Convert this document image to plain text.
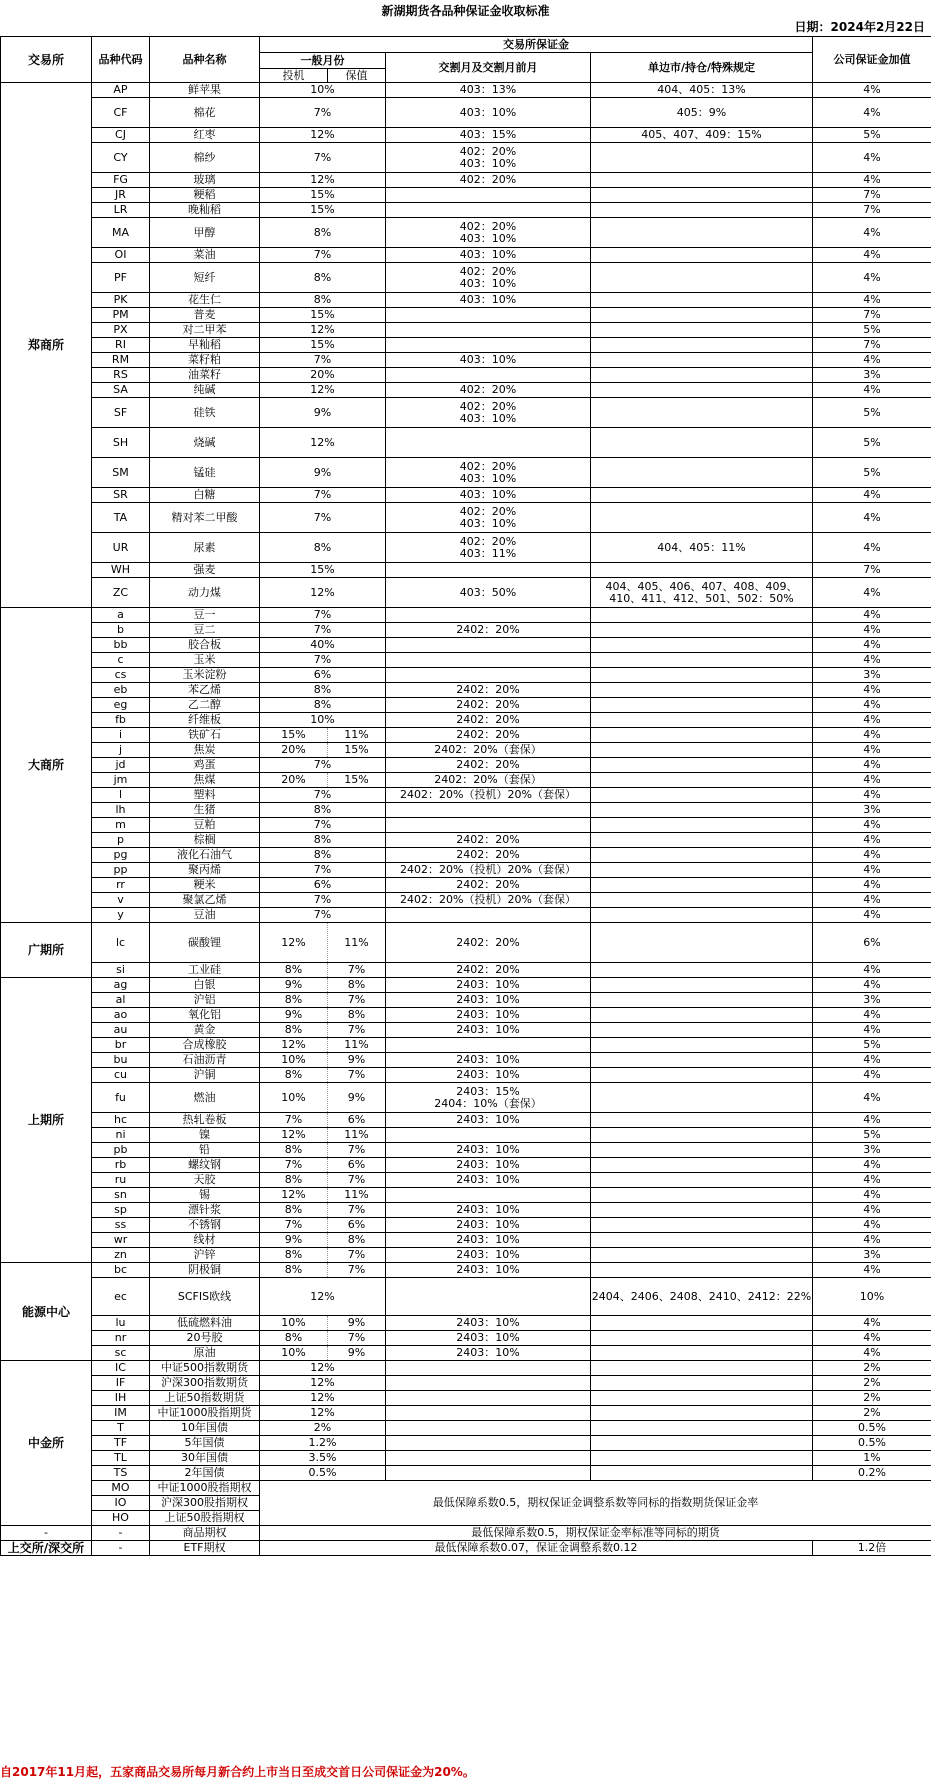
新湖期货各品种保证金收取标准
日期：2024年2月22日
交易所	品种代码	品种名称	交易所保证金				公司保证金加值
			一般月份		交割月及交割月前月	单边市/持仓/特殊规定	
			投机	保值			
郑商所	AP	鲜苹果	10%		403：13%	404、405：13%	4%
	CF	棉花	7%		403：10%	405：9%	4%
	CJ	红枣	12%		403：15%	405、407、409：15%	5%
	CY	棉纱	7%		402：20%
403：10%		4%
	FG	玻璃	12%		402：20%		4%
	JR	粳稻	15%				7%
	LR	晚籼稻	15%				7%
	MA	甲醇	8%		402：20%
403：10%		4%
	OI	菜油	7%		403：10%		4%
	PF	短纤	8%		402：20%
403：10%		4%
	PK	花生仁	8%		403：10%		4%
	PM	普麦	15%				7%
	PX	对二甲苯	12%				5%
	RI	早籼稻	15%				7%
	RM	菜籽粕	7%		403：10%		4%
	RS	油菜籽	20%				3%
	SA	纯碱	12%		402：20%		4%
	SF	硅铁	9%		402：20%
403：10%		5%
	SH	烧碱	12%				5%
	SM	锰硅	9%		402：20%
403：10%		5%
	SR	白糖	7%		403：10%		4%
	TA	精对苯二甲酸	7%		402：20%
403：10%		4%
	UR	尿素	8%		402：20%
403：11%	404、405：11%	4%
	WH	强麦	15%				7%
	ZC	动力煤	12%		403：50%	404、405、406、407、408、409、
410、411、412、501、502：50%	4%
大商所	a	豆一	7%				4%
	b	豆二	7%		2402：20%		4%
	bb	胶合板	40%				4%
	c	玉米	7%				4%
	cs	玉米淀粉	6%				3%
	eb	苯乙烯	8%		2402：20%		4%
	eg	乙二醇	8%		2402：20%		4%
	fb	纤维板	10%		2402：20%		4%
	i	铁矿石	15%	11%	2402：20%		4%
	j	焦炭	20%	15%	2402：20%（套保）		4%
	jd	鸡蛋	7%		2402：20%		4%
	jm	焦煤	20%	15%	2402：20%（套保）		4%
	l	塑料	7%		2402：20%（投机）20%（套保）		4%
	lh	生猪	8%				3%
	m	豆粕	7%				4%
	p	棕榈	8%		2402：20%		4%
	pg	液化石油气	8%		2402：20%		4%
	pp	聚丙烯	7%		2402：20%（投机）20%（套保）		4%
	rr	粳米	6%		2402：20%		4%
	v	聚氯乙烯	7%		2402：20%（投机）20%（套保）		4%
	y	豆油	7%				4%
广期所	lc	碳酸锂	12%	11%	2402：20%		6%
	si	工业硅	8%	7%	2402：20%		4%
上期所	ag	白银	9%	8%	2403：10%		4%
	al	沪铝	8%	7%	2403：10%		3%
	ao	氧化铝	9%	8%	2403：10%		4%
	au	黄金	8%	7%	2403：10%		4%
	br	合成橡胶	12%	11%			5%
	bu	石油沥青	10%	9%	2403：10%		4%
	cu	沪铜	8%	7%	2403：10%		4%
	fu	燃油	10%	9%	2403：15%
2404：10%（套保）		4%
	hc	热轧卷板	7%	6%	2403：10%		4%
	ni	镍	12%	11%			5%
	pb	铅	8%	7%	2403：10%		3%
	rb	螺纹钢	7%	6%	2403：10%		4%
	ru	天胶	8%	7%	2403：10%		4%
	sn	锡	12%	11%			4%
	sp	漂针浆	8%	7%	2403：10%		4%
	ss	不锈钢	7%	6%	2403：10%		4%
	wr	线材	9%	8%	2403：10%		4%
	zn	沪锌	8%	7%	2403：10%		3%
能源中心	bc	阴极铜	8%	7%	2403：10%		4%
	ec	SCFIS欧线	12%			2404、2406、2408、2410、2412：22%	10%
	lu	低硫燃料油	10%	9%	2403：10%		4%
	nr	20号胶	8%	7%	2403：10%		4%
	sc	原油	10%	9%	2403：10%		4%
中金所	IC	中证500指数期货	12%				2%
	IF	沪深300指数期货	12%				2%
	IH	上证50指数期货	12%				2%
	IM	中证1000股指期货	12%				2%
	T	10年国债	2%				0.5%
	TF	5年国债	1.2%				0.5%
	TL	30年国债	3.5%				1%
	TS	2年国债	0.5%				0.2%
	MO	中证1000股指期权	最低保障系数0.5，期权保证金调整系数等同标的指数期货保证金率				
	IO	沪深300股指期权					
	HO	上证50股指期权					
-	-	商品期权	最低保障系数0.5，期权保证金率标准等同标的期货				
上交所/深交所	-	ETF期权	最低保障系数0.07，保证金调整系数0.12				1.2倍
自2017年11月起，五家商品交易所每月新合约上市当日至成交首日公司保证金为20%。
